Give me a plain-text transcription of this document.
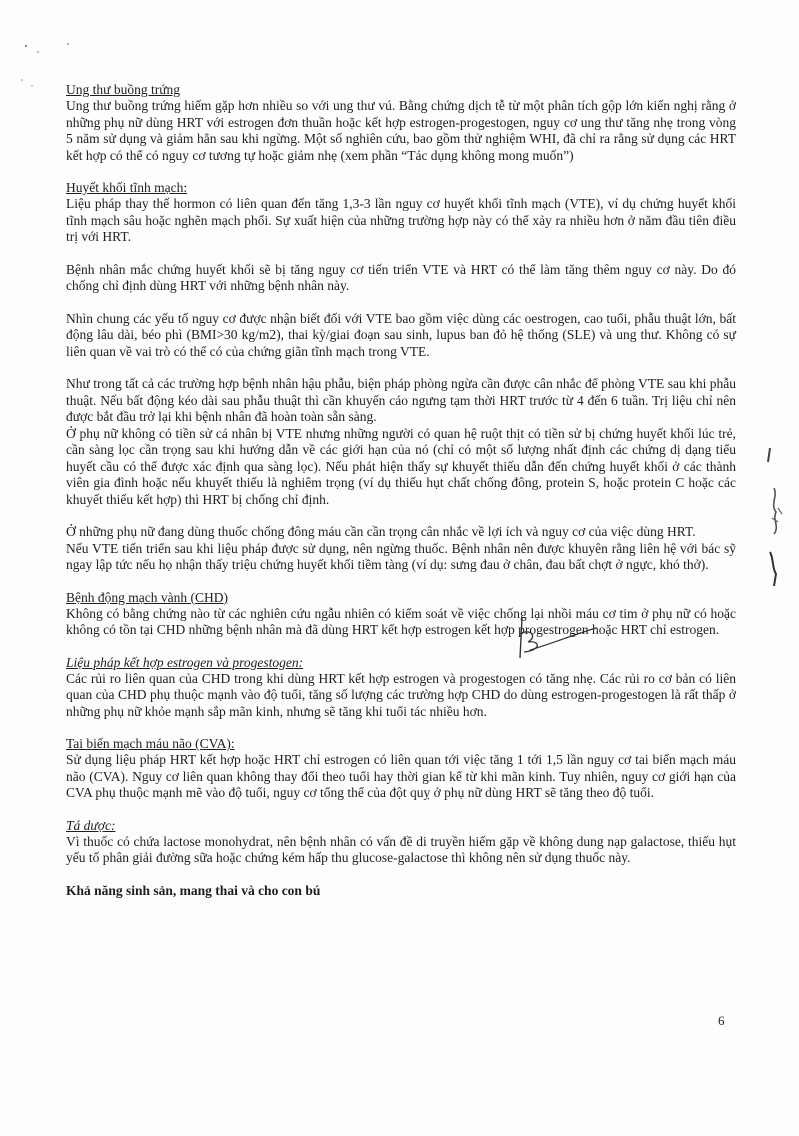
Ung thư buồng trứng

Ung thư buồng trứng hiếm gặp hơn nhiều so với ung thư vú. Bằng chứng dịch tễ từ một phân tích gộp lớn kiến nghị rằng ở những phụ nữ dùng HRT với estrogen đơn thuần hoặc kết hợp estrogen-progestogen, nguy cơ ung thư tăng nhẹ trong vòng 5 năm sử dụng và giảm hẳn sau khi ngừng. Một số nghiên cứu, bao gồm thử nghiệm WHI, đã chỉ ra rằng sử dụng các HRT kết hợp có thể có nguy cơ tương tự hoặc giảm nhẹ (xem phần “Tác dụng không mong muốn”)

Huyết khối tĩnh mạch:

Liệu pháp thay thế hormon có liên quan đến tăng 1,3-3 lần nguy cơ huyết khối tĩnh mạch (VTE), ví dụ chứng huyết khối tĩnh mạch sâu hoặc nghẽn mạch phổi. Sự xuất hiện của những trường hợp này có thể xảy ra nhiều hơn ở năm đầu tiên điều trị với HRT.

Bệnh nhân mắc chứng huyết khối sẽ bị tăng nguy cơ tiến triển VTE và HRT có thể làm tăng thêm nguy cơ này. Do đó chống chỉ định dùng HRT với những bệnh nhân này.

Nhìn chung các yếu tố nguy cơ được nhận biết đối với VTE bao gồm việc dùng các oestrogen, cao tuổi, phẫu thuật lớn, bất động lâu dài, béo phì (BMI>30 kg/m2), thai kỳ/giai đoạn sau sinh, lupus ban đỏ hệ thống (SLE) và ung thư. Không có sự liên quan về vai trò có thể có của chứng giãn tĩnh mạch trong VTE.

Như trong tất cả các trường hợp bệnh nhân hậu phẫu, biện pháp phòng ngừa cần được cân nhắc để phòng VTE sau khi phẫu thuật. Nếu bất động kéo dài sau phẫu thuật thì cần khuyến cáo ngưng tạm thời HRT trước từ 4 đến 6 tuần. Trị liệu chỉ nên được bắt đầu trở lại khi bệnh nhân đã hoàn toàn sẵn sàng.

Ở phụ nữ không có tiền sử cá nhân bị VTE nhưng những người có quan hệ ruột thịt có tiền sử bị chứng huyết khối lúc trẻ, cần sàng lọc cần trọng sau khi hướng dẫn về các giới hạn của nó (chỉ có một số lượng nhất định các chứng dị dạng tiểu huyết cầu có thể được xác định qua sàng lọc). Nếu phát hiện thấy sự khuyết thiếu dẫn đến chứng huyết khối ở các thành viên gia đình hoặc nếu khuyết thiếu là nghiêm trọng (ví dụ thiếu hụt chất chống đông, protein S, hoặc protein C hoặc các khuyết thiếu kết hợp) thì HRT bị chống chỉ định.

Ở những phụ nữ đang dùng thuốc chống đông máu cần cần trọng cân nhắc về lợi ích và nguy cơ của việc dùng HRT.

Nếu VTE tiến triển sau khi liệu pháp được sử dụng, nên ngừng thuốc. Bệnh nhân nên được khuyên rằng liên hệ với bác sỹ ngay lập tức nếu họ nhận thấy triệu chứng huyết khối tiềm tàng (ví dụ: sưng đau ở chân, đau bất chợt ở ngực, khó thở).

Bệnh động mạch vành (CHD)

Không có bằng chứng nào từ các nghiên cứu ngẫu nhiên có kiểm soát về việc chống lại nhồi máu cơ tim ở phụ nữ có hoặc không có tồn tại CHD những bệnh nhân mà đã dùng HRT kết hợp estrogen kết hợp progestrogen hoặc HRT chỉ estrogen.

Liệu pháp kết hợp estrogen và progestogen:

Các rủi ro liên quan của CHD trong khi dùng HRT kết hợp estrogen và progestogen có tăng nhẹ. Các rủi ro cơ bản có liên quan của CHD phụ thuộc mạnh vào độ tuổi, tăng số lượng các trường hợp CHD do dùng estrogen-progestogen là rất thấp ở những phụ nữ khỏe mạnh sắp mãn kinh, nhưng sẽ tăng khi tuổi tác nhiều hơn.

Tai biến mạch máu não (CVA):

Sử dụng liệu pháp HRT kết hợp hoặc HRT chỉ estrogen có liên quan tới việc tăng 1 tới 1,5 lần nguy cơ tai biến mạch máu não (CVA). Nguy cơ liên quan không thay đổi theo tuổi hay thời gian kể từ khi mãn kinh. Tuy nhiên, nguy cơ giới hạn của CVA phụ thuộc mạnh mẽ vào độ tuổi, nguy cơ tổng thể của đột quỵ ở phụ nữ dùng HRT sẽ tăng theo độ tuổi.

Tá dược:

Vì thuốc có chứa lactose monohydrat, nên bệnh nhân có vấn đề di truyền hiếm gặp về không dung nạp galactose, thiếu hụt yếu tố phân giải đường sữa hoặc chứng kém hấp thu glucose-galactose thì không nên sử dụng thuốc này.

Khả năng sinh sản, mang thai và cho con bú
6
